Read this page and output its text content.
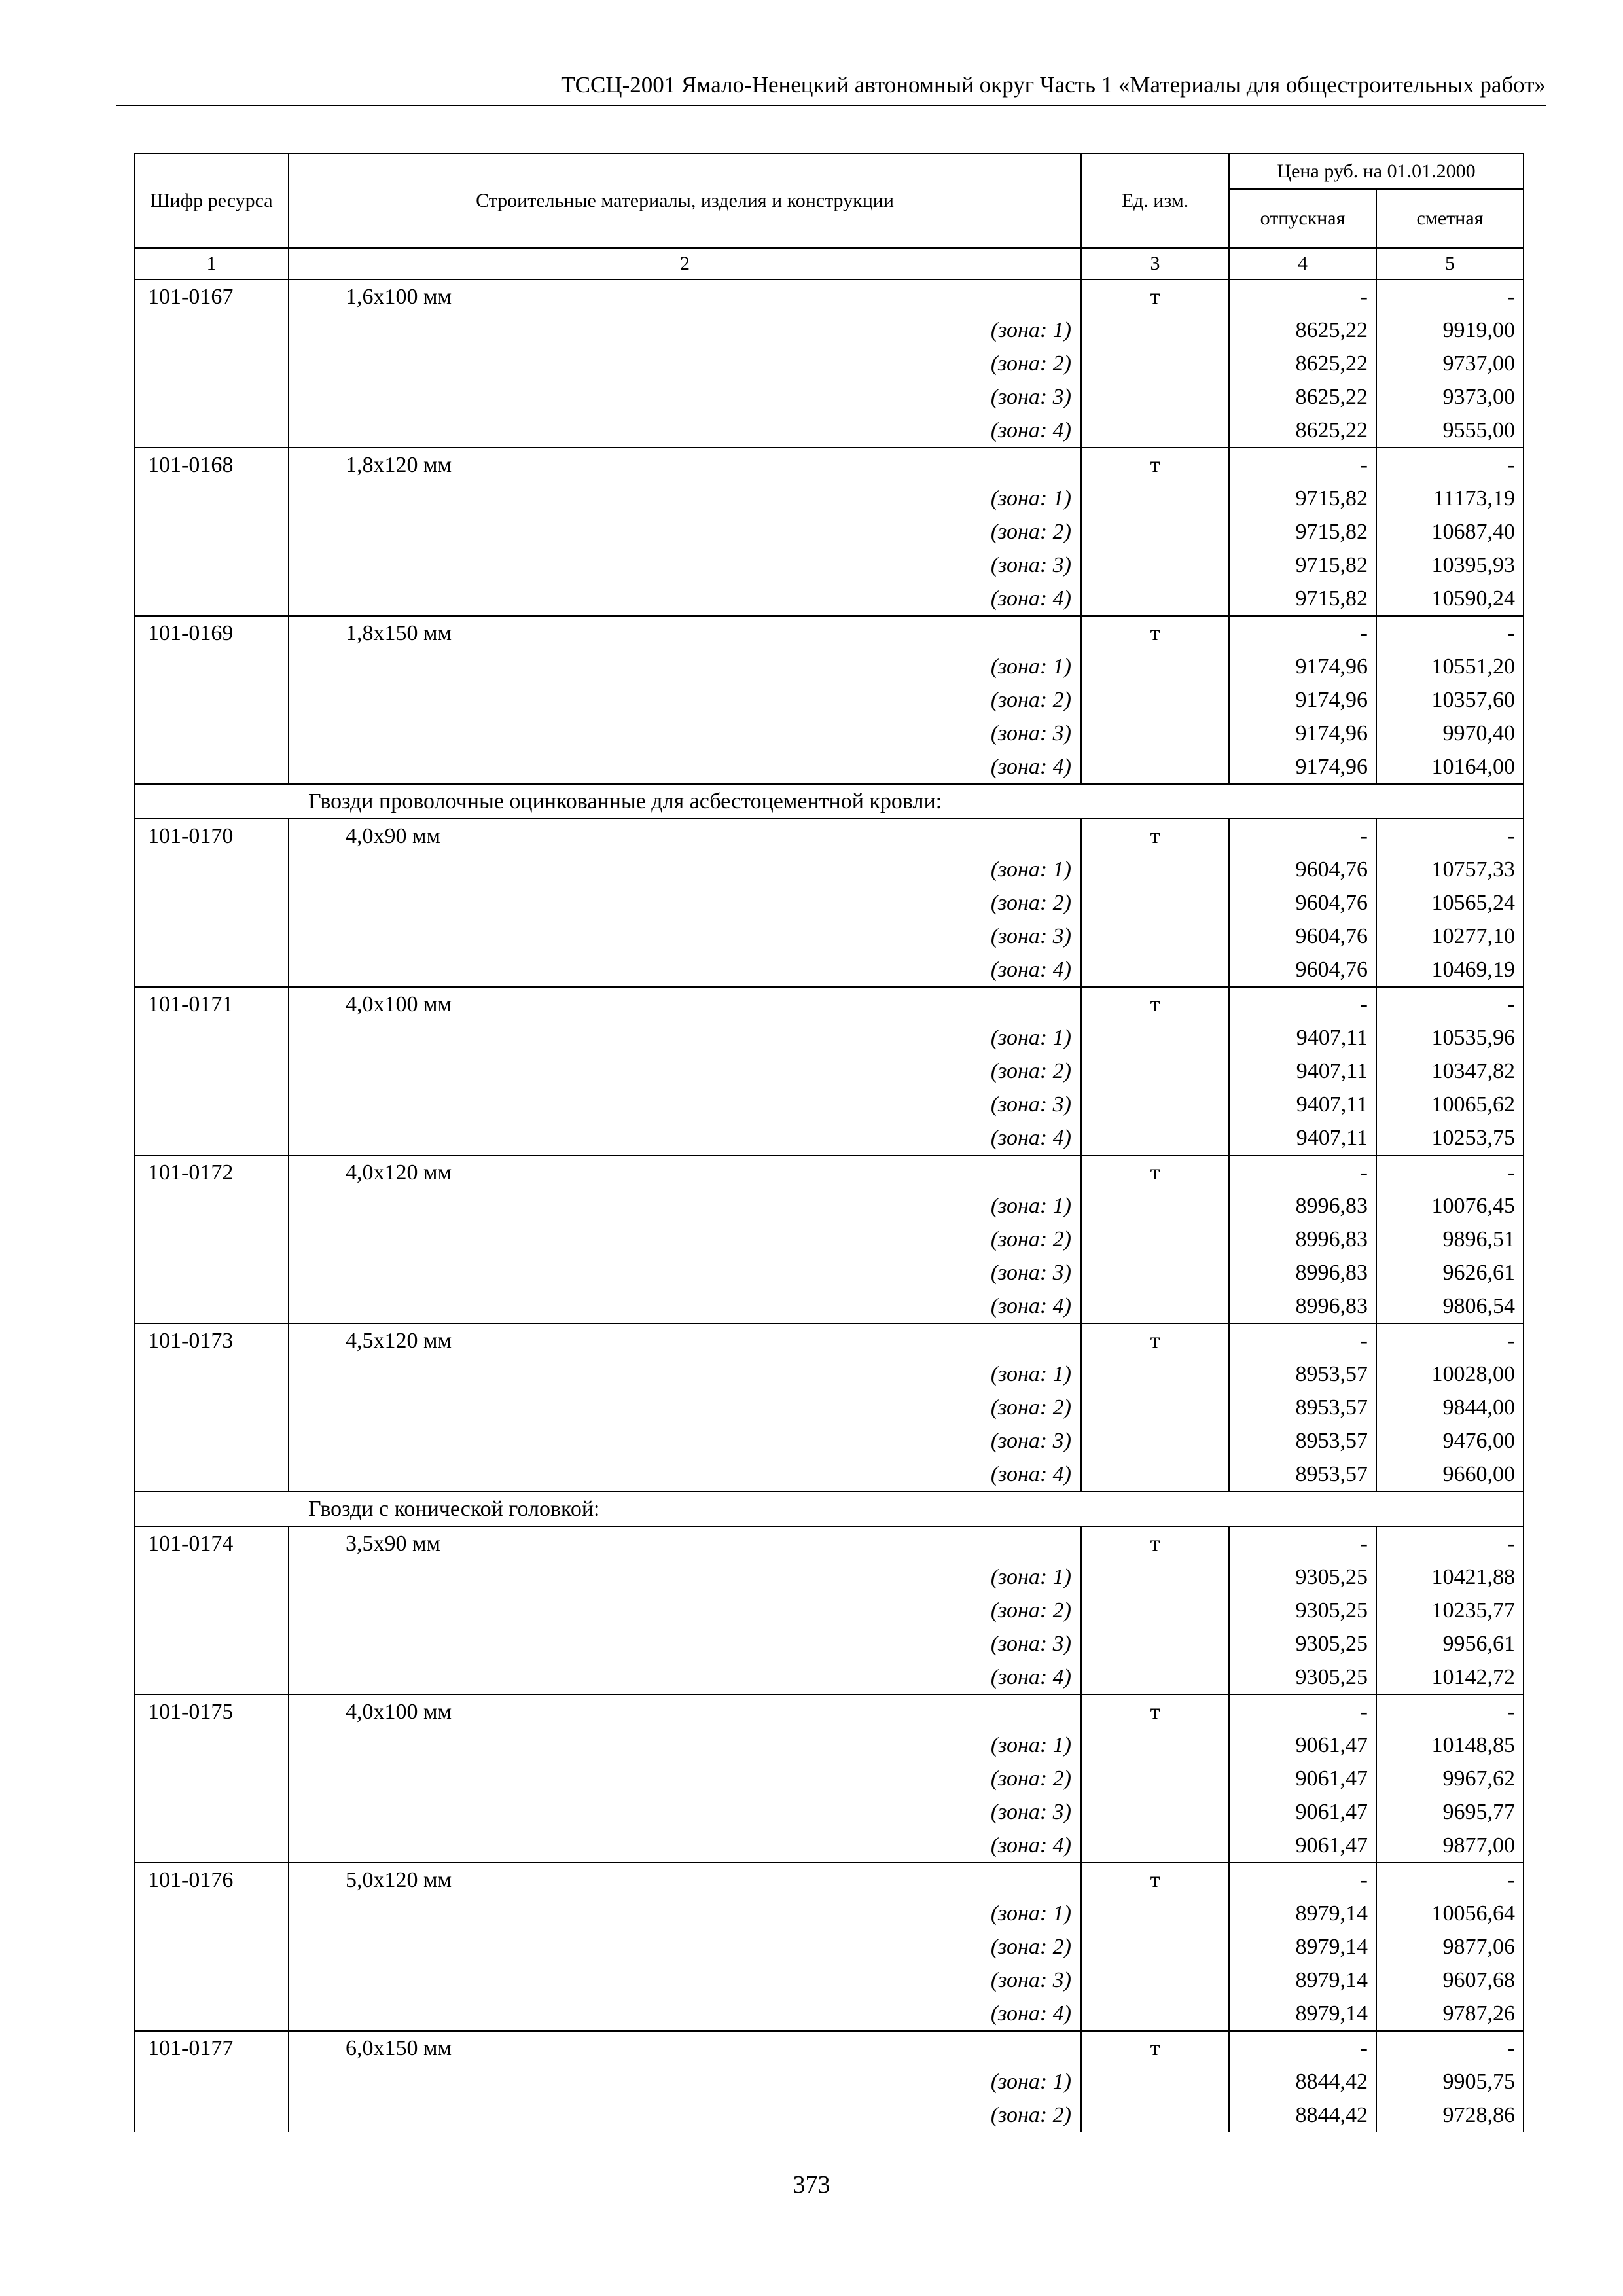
ТССЦ-2001 Ямало-Ненецкий автономный округ Часть 1 «Материалы для общестроительных работ»
Шифр ресурса	Строительные материалы, изделия и конструкции	Ед. изм.	Цена руб. на 01.01.2000	
			отпускная	сметная
1	2	3	4	5
101-0167	1,6х100 мм	т	-	-
	(зона: 1)		8625,22	9919,00
	(зона: 2)		8625,22	9737,00
	(зона: 3)		8625,22	9373,00
	(зона: 4)		8625,22	9555,00
101-0168	1,8х120 мм	т	-	-
	(зона: 1)		9715,82	11173,19
	(зона: 2)		9715,82	10687,40
	(зона: 3)		9715,82	10395,93
	(зона: 4)		9715,82	10590,24
101-0169	1,8х150 мм	т	-	-
	(зона: 1)		9174,96	10551,20
	(зона: 2)		9174,96	10357,60
	(зона: 3)		9174,96	9970,40
	(зона: 4)		9174,96	10164,00
	Гвозди проволочные оцинкованные для асбестоцементной кровли:			
101-0170	4,0х90 мм	т	-	-
	(зона: 1)		9604,76	10757,33
	(зона: 2)		9604,76	10565,24
	(зона: 3)		9604,76	10277,10
	(зона: 4)		9604,76	10469,19
101-0171	4,0х100 мм	т	-	-
	(зона: 1)		9407,11	10535,96
	(зона: 2)		9407,11	10347,82
	(зона: 3)		9407,11	10065,62
	(зона: 4)		9407,11	10253,75
101-0172	4,0х120 мм	т	-	-
	(зона: 1)		8996,83	10076,45
	(зона: 2)		8996,83	9896,51
	(зона: 3)		8996,83	9626,61
	(зона: 4)		8996,83	9806,54
101-0173	4,5х120 мм	т	-	-
	(зона: 1)		8953,57	10028,00
	(зона: 2)		8953,57	9844,00
	(зона: 3)		8953,57	9476,00
	(зона: 4)		8953,57	9660,00
	Гвозди с конической головкой:			
101-0174	3,5х90 мм	т	-	-
	(зона: 1)		9305,25	10421,88
	(зона: 2)		9305,25	10235,77
	(зона: 3)		9305,25	9956,61
	(зона: 4)		9305,25	10142,72
101-0175	4,0х100 мм	т	-	-
	(зона: 1)		9061,47	10148,85
	(зона: 2)		9061,47	9967,62
	(зона: 3)		9061,47	9695,77
	(зона: 4)		9061,47	9877,00
101-0176	5,0х120 мм	т	-	-
	(зона: 1)		8979,14	10056,64
	(зона: 2)		8979,14	9877,06
	(зона: 3)		8979,14	9607,68
	(зона: 4)		8979,14	9787,26
101-0177	6,0х150 мм	т	-	-
	(зона: 1)		8844,42	9905,75
	(зона: 2)		8844,42	9728,86
373
